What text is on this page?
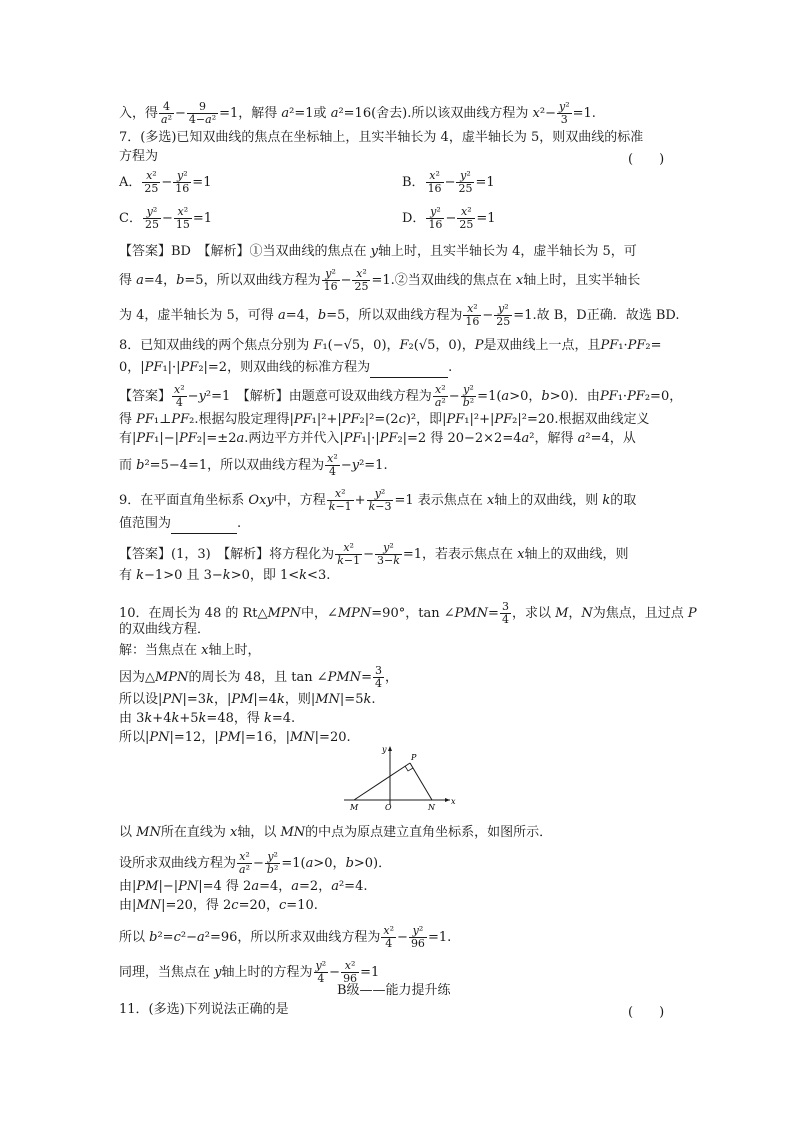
入，得 $\frac{4}{\text{a²}} - \frac{9}{\text{4−a²}} =1$，解得 a²=1或 a²=16(舍去).所以该双曲线方程为 $x^2- \frac{\text{y²}}{3} =1$.
7．(多选)已知双曲线的焦点在坐标轴上，且实半轴长为 4，虚半轴长为 5，则双曲线的标准
方程为	(　　)
A． $\frac{\text{x²}}{25} - \frac{\text{y²}}{16} =1$	B． $\frac{\text{x²}}{16} - \frac{\text{y²}}{25} =1$
C． $\frac{\text{y²}}{25} - \frac{\text{x²}}{15} =1$	D． $\frac{\text{y²}}{16} - \frac{\text{x²}}{25} =1$
【答案】BD　【解析】①当双曲线的焦点在 y轴上时，且实半轴长为 4，虚半轴长为 5，可
得 a=4，b=5，所以双曲线方程为 $\frac{\text{y²}}{16} - \frac{\text{x²}}{25}$ =1.②当双曲线的焦点在 x轴上时，且实半轴长
为 4，虚半轴长为 5，可得 a=4，b=5，所以双曲线方程为 $\frac{\text{x²}}{16} - \frac{\text{y²}}{25} =1$.故 B，D正确．故选 BD.
8．已知双曲线的两个焦点分别为 F₁(−√5，0)，F₂(√5，0)，P是双曲线上一点，且PF₁·PF₂=
0，|PF₁|·|PF₂|=2，则双曲线的标准方程为	.
【答案】 $\frac{\text{x²}}{4} -y^2=1$　【解析】由题意可设双曲线方程为 $\frac{\text{x²}}{\text{a²}} - \frac{\text{y²}}{\text{b²}} =1(a>0$，b>0)．由PF₁·PF₂=0，
得 PF₁⊥PF₂.根据勾股定理得|PF₁|²+|PF₂|²=(2c)²，即|PF₁|²+|PF₂|²=20.根据双曲线定义
有|PF₁|−|PF₂|=±2a.两边平方并代入|PF₁|·|PF₂|=2 得 20−2×2=4a²，解得 a²=4，从
而 b²=5−4=1，所以双曲线方程为 $\frac{\text{x²}}{4} -y^2=1$.
9．在平面直角坐标系 Oxy中，方程 $\frac{\text{x²}}{k-1} + \frac{\text{y²}}{k-3} =1$ 表示焦点在 x轴上的双曲线，则 k的取
值范围为	.
【答案】(1，3)　【解析】将方程化为 $\frac{\text{x²}}{k-1} - \frac{\text{y²}}{3-k} =1$，若表示焦点在 x轴上的双曲线，则
有 k−1>0 且 3−k>0，即 1<k<3.
10．在周长为 48 的 Rt△MPN中，∠MPN=90°，tan ∠PMN= $\frac{3}{4}$ ，求以 M，N为焦点，且过点 P
的双曲线方程．
解：当焦点在 x轴上时，
因为△MPN的周长为 48，且 tan ∠PMN= $\frac{3}{4}$ ，
所以设|PN|=3k，|PM|=4k，则|MN|=5k.
由 3k+4k+5k=48，得 k=4.
所以|PN|=12，|PM|=16，|MN|=20.
y
x
P
M	O	N
以 MN所在直线为 x轴，以 MN的中点为原点建立直角坐标系，如图所示．
设所求双曲线方程为 $\frac{\text{x²}}{\text{a²}} - \frac{\text{y²}}{\text{b²}} =1(a>0$，b>0)．
由|PM|−|PN|=4 得 2a=4，a=2，a²=4.
由|MN|=20，得 2c=20，c=10.
所以 b²=c²−a²=96，所以所求双曲线方程为 $\frac{\text{x²}}{4} - \frac{\text{y²}}{96} =1$.
同理，当焦点在 y轴上时的方程为 $\frac{\text{y²}}{4} - \frac{\text{x²}}{96} =1$
B级——能力提升练
11．(多选)下列说法正确的是	(　　)
